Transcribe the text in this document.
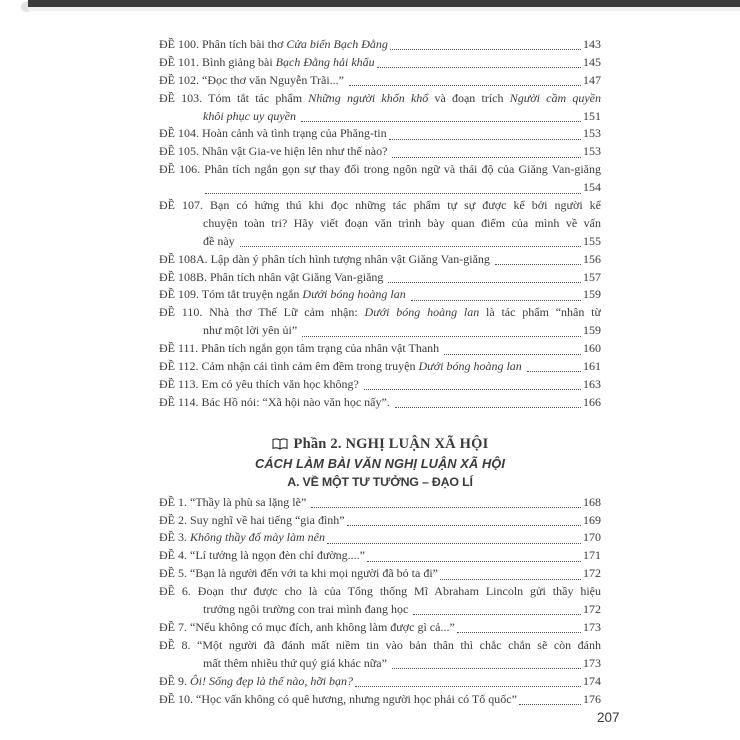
ĐỀ 100. Phân tích bài thơ Cửa biển Bạch Đằng	143
ĐỀ 101. Bình giảng bài Bạch Đằng hải khẩu	145
ĐỀ 102. “Đọc thơ văn Nguyễn Trãi...”	147
ĐỀ 103. Tóm tắt tác phẩm Những người khốn khổ và đoạn trích Người cầm quyền
khôi phục uy quyền	151
ĐỀ 104. Hoàn cảnh và tình trạng của Phăng-tin	153
ĐỀ 105. Nhân vật Gia-ve hiện lên như thế nào?	153
ĐỀ 106. Phân tích ngắn gọn sự thay đổi trong ngôn ngữ và thái độ của Giăng Van-giăng
154
ĐỀ 107. Bạn có hứng thú khi đọc những tác phẩm tự sự được kể bởi người kể
chuyện toàn tri? Hãy viết đoạn văn trình bày quan điểm của mình về vấn
đề này	155
ĐỀ 108A. Lập dàn ý phân tích hình tượng nhân vật Giăng Van-giăng	156
ĐỀ 108B. Phân tích nhân vật Giăng Van-giăng	157
ĐỀ 109. Tóm tắt truyện ngắn Dưới bóng hoàng lan	159
ĐỀ 110. Nhà thơ Thế Lữ cảm nhận: Dưới bóng hoàng lan là tác phẩm “nhân từ
như một lời yên ủi”	159
ĐỀ 111. Phân tích ngắn gọn tâm trạng của nhân vật Thanh	160
ĐỀ 112. Cảm nhận cái tình cảm êm đềm trong truyện Dưới bóng hoàng lan	161
ĐỀ 113. Em có yêu thích văn học không?	163
ĐỀ 114. Bác Hồ nói: “Xã hội nào văn học nấy”.	166
Phần 2. NGHỊ LUẬN XÃ HỘI
CÁCH LÀM BÀI VĂN NGHỊ LUẬN XÃ HỘI
A. VỀ MỘT TƯ TƯỞNG – ĐẠO LÍ
ĐỀ 1. “Thầy là phù sa lặng lẽ”	168
ĐỀ 2. Suy nghĩ về hai tiếng “gia đình”	169
ĐỀ 3. Không thầy đố mày làm nên	170
ĐỀ 4. “Lí tưởng là ngọn đèn chỉ đường....”	171
ĐỀ 5. “Bạn là người đến với ta khi mọi người đã bỏ ta đi”	172
ĐỀ 6. Đoạn thư được cho là của Tổng thống Mĩ Abraham Lincoln gửi thầy hiệu
trưởng ngôi trường con trai mình đang học	172
ĐỀ 7. “Nếu không có mục đích, anh không làm được gì cả...”	173
ĐỀ 8. “Một người đã đánh mất niềm tin vào bản thân thì chắc chắn sẽ còn đánh
mất thêm nhiều thứ quý giá khác nữa”	173
ĐỀ 9. Ôi! Sống đẹp là thế nào, hỡi bạn?	174
ĐỀ 10. “Học vấn không có quê hương, nhưng người học phải có Tổ quốc”	176
207
